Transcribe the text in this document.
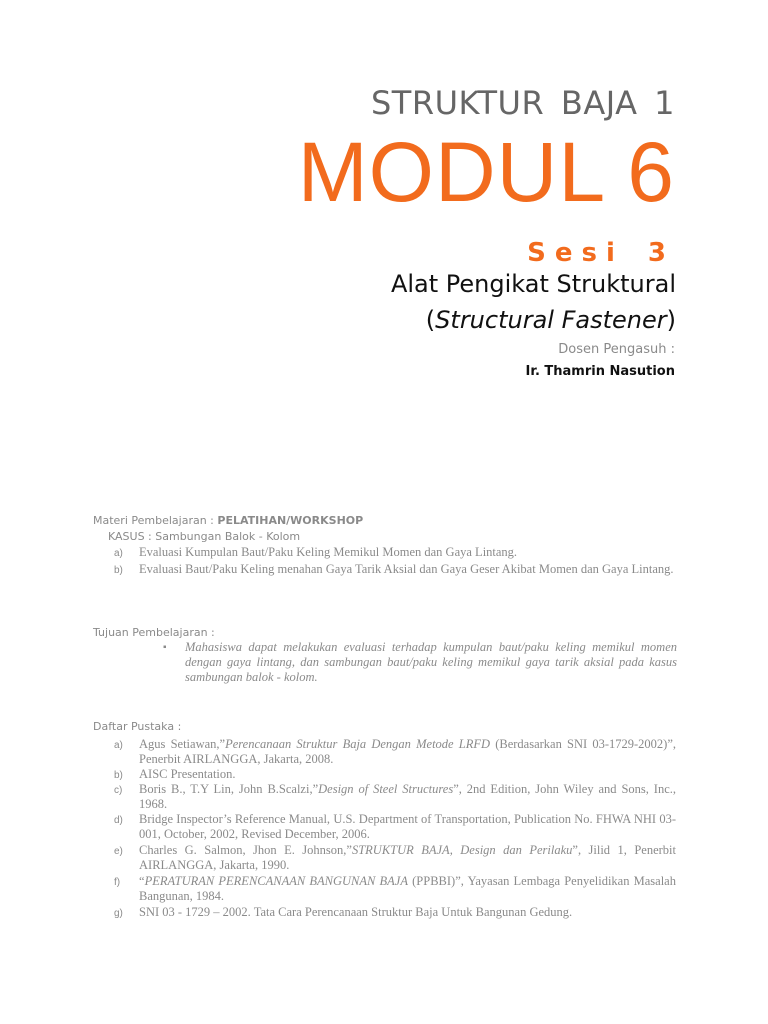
STRUKTUR BAJA 1
MODUL 6
Sesi 3
Alat Pengikat Struktural
(Structural Fastener)
Dosen Pengasuh :
Ir. Thamrin Nasution
Materi Pembelajaran : PELATIHAN/WORKSHOP
KASUS : Sambungan Balok - Kolom
a) Evaluasi Kumpulan Baut/Paku Keling Memikul Momen dan Gaya Lintang.
b) Evaluasi Baut/Paku Keling menahan Gaya Tarik Aksial dan Gaya Geser Akibat Momen dan Gaya Lintang.
Tujuan Pembelajaran :
▪ Mahasiswa dapat melakukan evaluasi terhadap kumpulan baut/paku keling memikul momen dengan gaya lintang, dan sambungan baut/paku keling memikul gaya tarik aksial pada kasus sambungan balok - kolom.
Daftar Pustaka :
a) Agus Setiawan,”Perencanaan Struktur Baja Dengan Metode LRFD (Berdasarkan SNI 03-1729-2002)”, Penerbit AIRLANGGA, Jakarta, 2008.
b) AISC Presentation.
c) Boris B., T.Y Lin, John B.Scalzi,”Design of Steel Structures”, 2nd Edition, John Wiley and Sons, Inc., 1968.
d) Bridge Inspector’s Reference Manual, U.S. Department of Transportation, Publication No. FHWA NHI 03-001, October, 2002, Revised December, 2006.
e) Charles G. Salmon, Jhon E. Johnson,”STRUKTUR BAJA, Design dan Perilaku”, Jilid 1, Penerbit AIRLANGGA, Jakarta, 1990.
f) “PERATURAN PERENCANAAN BANGUNAN BAJA (PPBBI)”, Yayasan Lembaga Penyelidikan Masalah Bangunan, 1984.
g) SNI 03 - 1729 – 2002. Tata Cara Perencanaan Struktur Baja Untuk Bangunan Gedung.
